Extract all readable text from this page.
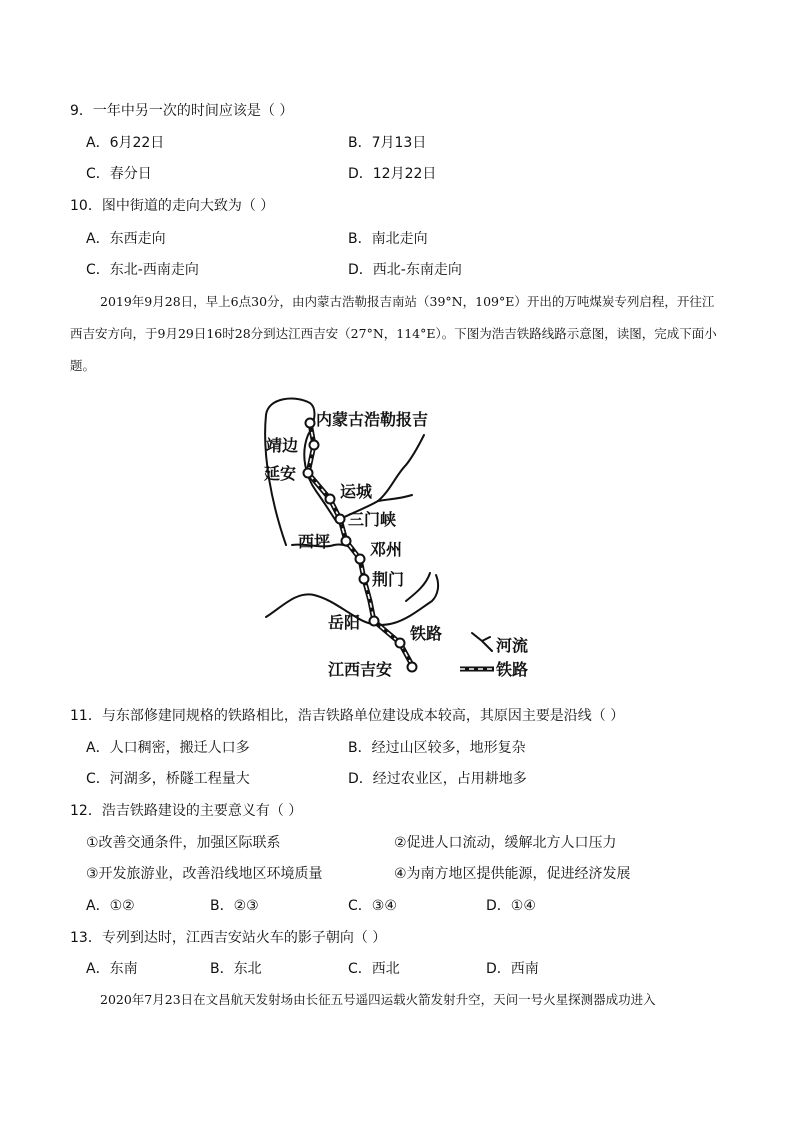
9．一年中另一次的时间应该是（ ）
A．6月22日	B．7月13日
C．春分日	D．12月22日
10．图中街道的走向大致为（ ）
A．东西走向	B．南北走向
C．东北-西南走向	D．西北-东南走向
2019年9月28日，早上6点30分，由内蒙古浩勒报吉南站（39°N，109°E）开出的万吨煤炭专列启程，开往江西吉安方向，于9月29日16时28分到达江西吉安（27°N，114°E）。下图为浩吉铁路线路示意图，读图，完成下面小题。
内蒙古浩勒报吉
靖边
延安
运城
三门峡
西坪 邓州
荆门
岳阳
铁路
江西吉安
河流
铁路
11．与东部修建同规格的铁路相比，浩吉铁路单位建设成本较高，其原因主要是沿线（ ）
A．人口稠密，搬迁人口多	B．经过山区较多，地形复杂
C．河湖多，桥隧工程量大	D．经过农业区，占用耕地多
12．浩吉铁路建设的主要意义有（ ）
①改善交通条件，加强区际联系	②促进人口流动，缓解北方人口压力
③开发旅游业，改善沿线地区环境质量	④为南方地区提供能源，促进经济发展
A．①②	B．②③	C．③④	D．①④
13．专列到达时，江西吉安站火车的影子朝向（ ）
A．东南	B．东北	C．西北	D．西南
2020年7月23日在文昌航天发射场由长征五号遥四运载火箭发射升空，天问一号火星探测器成功进入
